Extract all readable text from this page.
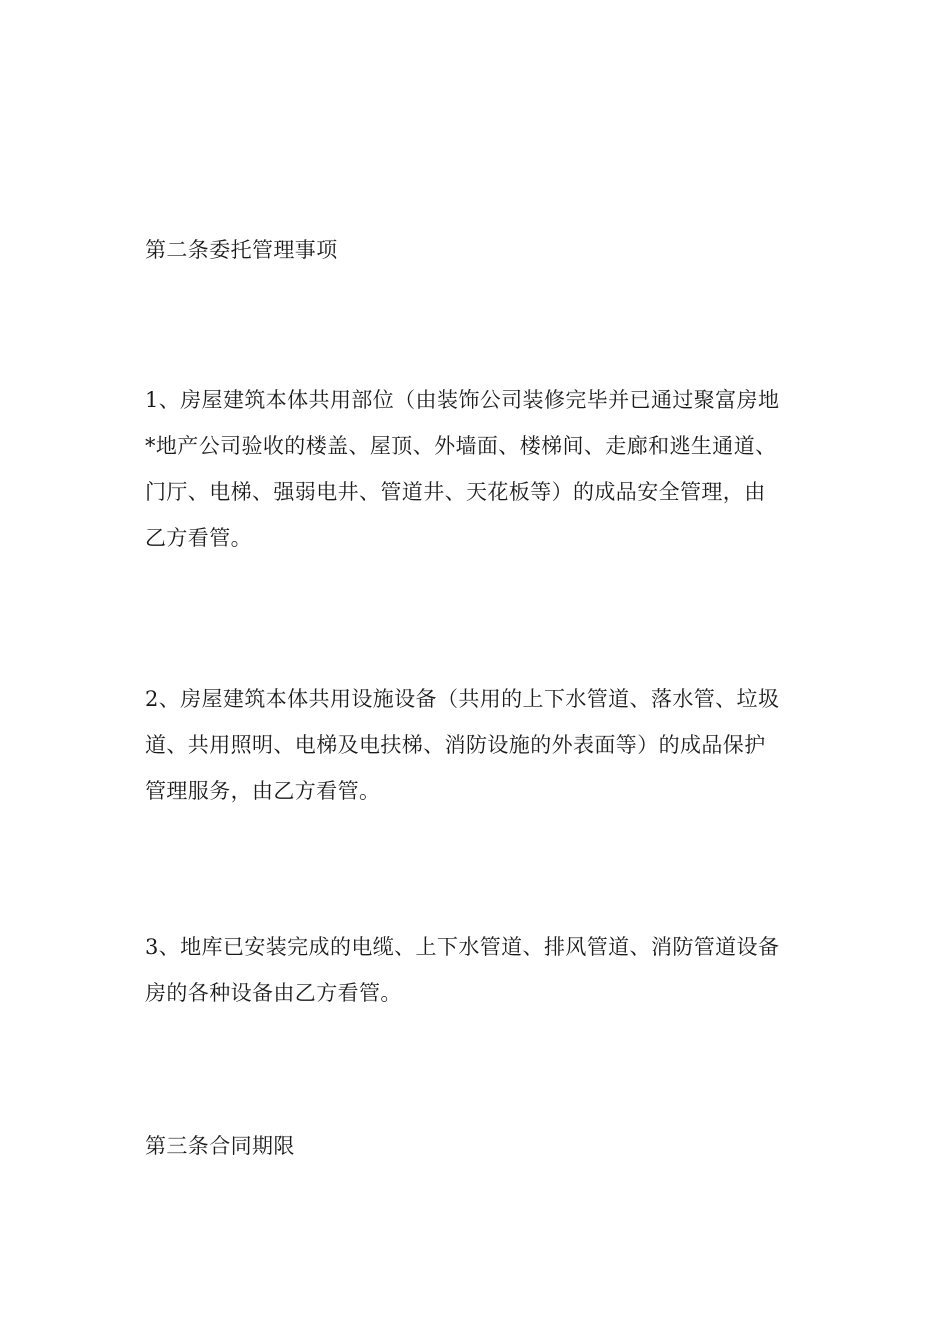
第二条委托管理事项

1、房屋建筑本体共用部位（由装饰公司装修完毕并已通过聚富房地
*地产公司验收的楼盖、屋顶、外墙面、楼梯间、走廊和逃生通道、
门厅、电梯、强弱电井、管道井、天花板等）的成品安全管理，由
乙方看管。

2、房屋建筑本体共用设施设备（共用的上下水管道、落水管、垃圾
道、共用照明、电梯及电扶梯、消防设施的外表面等）的成品保护
管理服务，由乙方看管。

3、地库已安装完成的电缆、上下水管道、排风管道、消防管道设备
房的各种设备由乙方看管。

第三条合同期限
